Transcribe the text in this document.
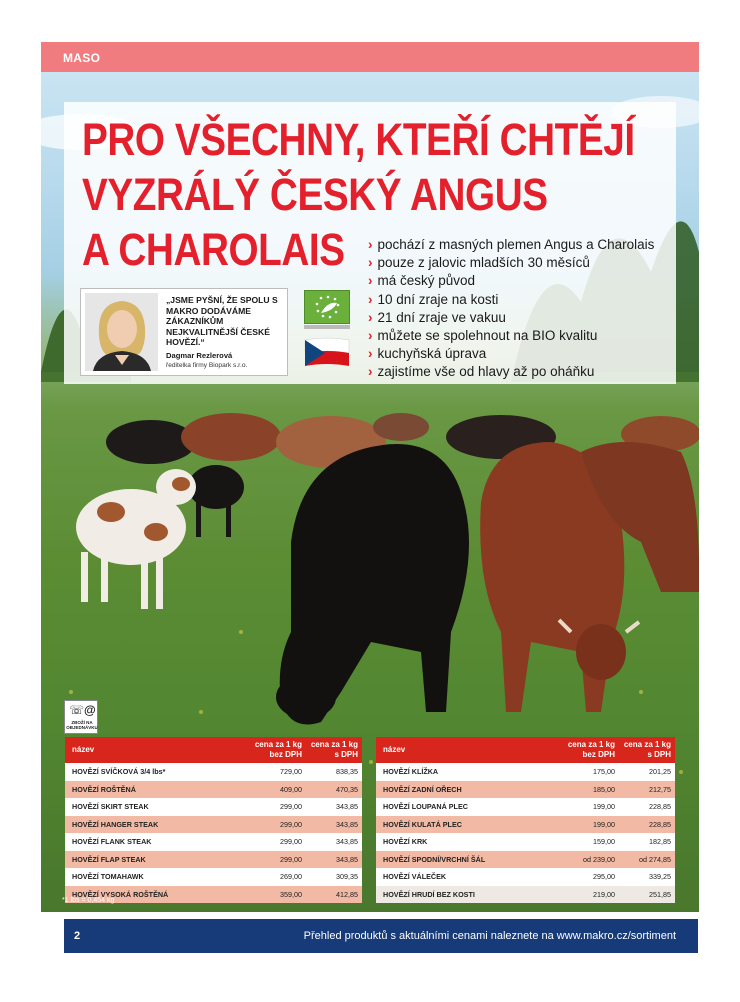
MASO
PRO VŠECHNY, KTEŘÍ CHTĚJÍ
VYZRÁLÝ ČESKÝ ANGUS
A CHAROLAIS	› pochází z masných plemen Angus a Charolais
› pouze z jalovic mladších 30 měsíců
› má český původ
› 10 dní zraje na kosti
› 21 dní zraje ve vakuu
› můžete se spolehnout na BIO kvalitu
› kuchyňská úprava
› zajistíme vše od hlavy až po oháňku
„JSME PYŠNÍ, ŽE SPOLU S MAKRO DODÁVÁME ZÁKAZNÍKŮM NEJKVALITNĚJŠÍ ČESKÉ HOVĚZÍ.“
Dagmar Rezlerová
ředitelka firmy Biopark s.r.o.
☏@
ZBOŽÍ NA OBJEDNÁVKU
název	cena za 1 kg bez DPH	cena za 1 kg s DPH
HOVĚZÍ SVÍČKOVÁ 3/4 lbs*	729,00	838,35
HOVĚZÍ ROŠTĚNÁ	409,00	470,35
HOVĚZÍ SKIRT STEAK	299,00	343,85
HOVĚZÍ HANGER STEAK	299,00	343,85
HOVĚZÍ FLANK STEAK	299,00	343,85
HOVĚZÍ FLAP STEAK	299,00	343,85
HOVĚZÍ TOMAHAWK	269,00	309,35
HOVĚZÍ VYSOKÁ ROŠTĚNÁ	359,00	412,85
název	cena za 1 kg bez DPH	cena za 1 kg s DPH
HOVĚZÍ KLÍŽKA	175,00	201,25
HOVĚZÍ ZADNÍ OŘECH	185,00	212,75
HOVĚZÍ LOUPANÁ PLEC	199,00	228,85
HOVĚZÍ KULATÁ PLEC	199,00	228,85
HOVĚZÍ KRK	159,00	182,85
HOVĚZÍ SPODNÍ/VRCHNÍ ŠÁL	od 239,00	od 274,85
HOVĚZÍ VÁLEČEK	295,00	339,25
HOVĚZÍ HRUDÍ BEZ KOSTI	219,00	251,85
*1 lbs = 0,454 kg
2	Přehled produktů s aktuálními cenami naleznete na www.makro.cz/sortiment
